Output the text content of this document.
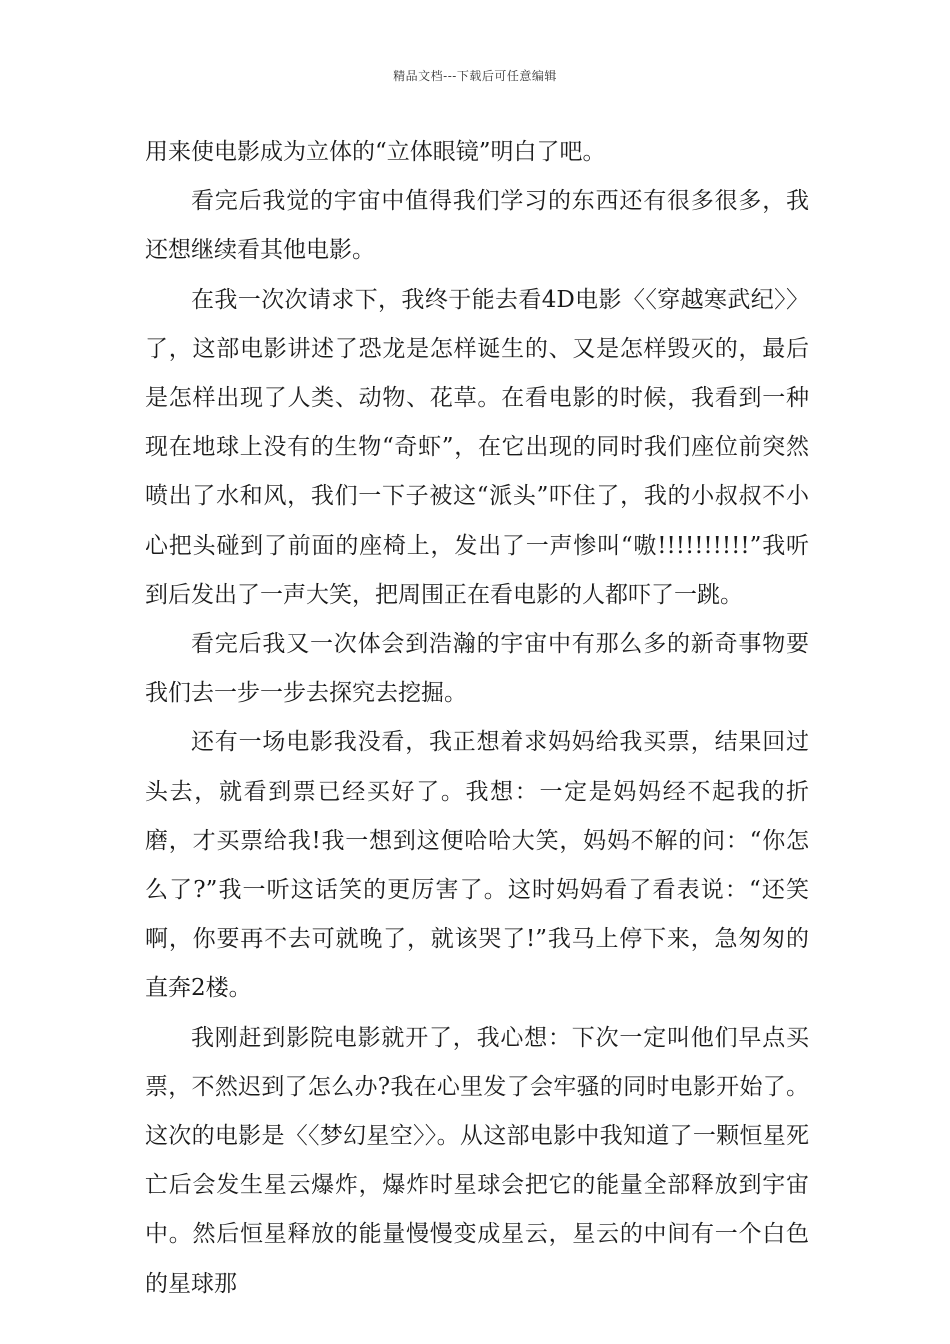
精品文档---下载后可任意编辑

用来使电影成为立体的“立体眼镜”明白了吧。

看完后我觉的宇宙中值得我们学习的东西还有很多很多，我还想继续看其他电影。

在我一次次请求下，我终于能去看4D电影〈〈穿越寒武纪〉〉了，这部电影讲述了恐龙是怎样诞生的、又是怎样毁灭的，最后是怎样出现了人类、动物、花草。在看电影的时候，我看到一种现在地球上没有的生物“奇虾”，在它出现的同时我们座位前突然喷出了水和风，我们一下子被这“派头”吓住了，我的小叔叔不小心把头碰到了前面的座椅上，发出了一声惨叫“嗷!!!!!!!!!!”我听到后发出了一声大笑，把周围正在看电影的人都吓了一跳。

看完后我又一次体会到浩瀚的宇宙中有那么多的新奇事物要我们去一步一步去探究去挖掘。

还有一场电影我没看，我正想着求妈妈给我买票，结果回过头去，就看到票已经买好了。我想：一定是妈妈经不起我的折磨，才买票给我!我一想到这便哈哈大笑，妈妈不解的问：“你怎么了?”我一听这话笑的更厉害了。这时妈妈看了看表说：“还笑啊，你要再不去可就晚了，就该哭了!”我马上停下来，急匆匆的直奔2楼。

我刚赶到影院电影就开了，我心想：下次一定叫他们早点买票，不然迟到了怎么办?我在心里发了会牢骚的同时电影开始了。这次的电影是〈〈梦幻星空〉〉。从这部电影中我知道了一颗恒星死亡后会发生星云爆炸，爆炸时星球会把它的能量全部释放到宇宙中。然后恒星释放的能量慢慢变成星云，星云的中间有一个白色的星球那
